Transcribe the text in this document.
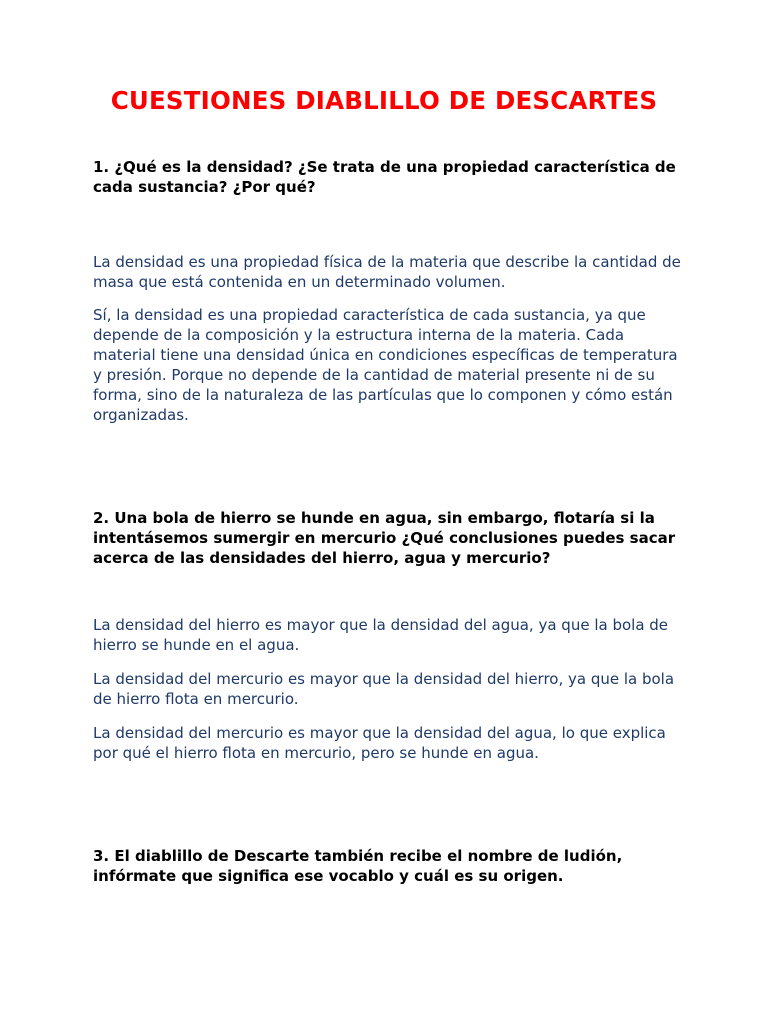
CUESTIONES DIABLILLO DE DESCARTES

1. ¿Qué es la densidad? ¿Se trata de una propiedad característica de cada sustancia? ¿Por qué?

La densidad es una propiedad física de la materia que describe la cantidad de masa que está contenida en un determinado volumen.

Sí, la densidad es una propiedad característica de cada sustancia, ya que depende de la composición y la estructura interna de la materia. Cada material tiene una densidad única en condiciones específicas de temperatura y presión. Porque no depende de la cantidad de material presente ni de su forma, sino de la naturaleza de las partículas que lo componen y cómo están organizadas.

2. Una bola de hierro se hunde en agua, sin embargo, flotaría si la intentásemos sumergir en mercurio ¿Qué conclusiones puedes sacar acerca de las densidades del hierro, agua y mercurio?

La densidad del hierro es mayor que la densidad del agua, ya que la bola de hierro se hunde en el agua.

La densidad del mercurio es mayor que la densidad del hierro, ya que la bola de hierro flota en mercurio.

La densidad del mercurio es mayor que la densidad del agua, lo que explica por qué el hierro flota en mercurio, pero se hunde en agua.

3. El diablillo de Descarte también recibe el nombre de ludión, infórmate que significa ese vocablo y cuál es su origen.
